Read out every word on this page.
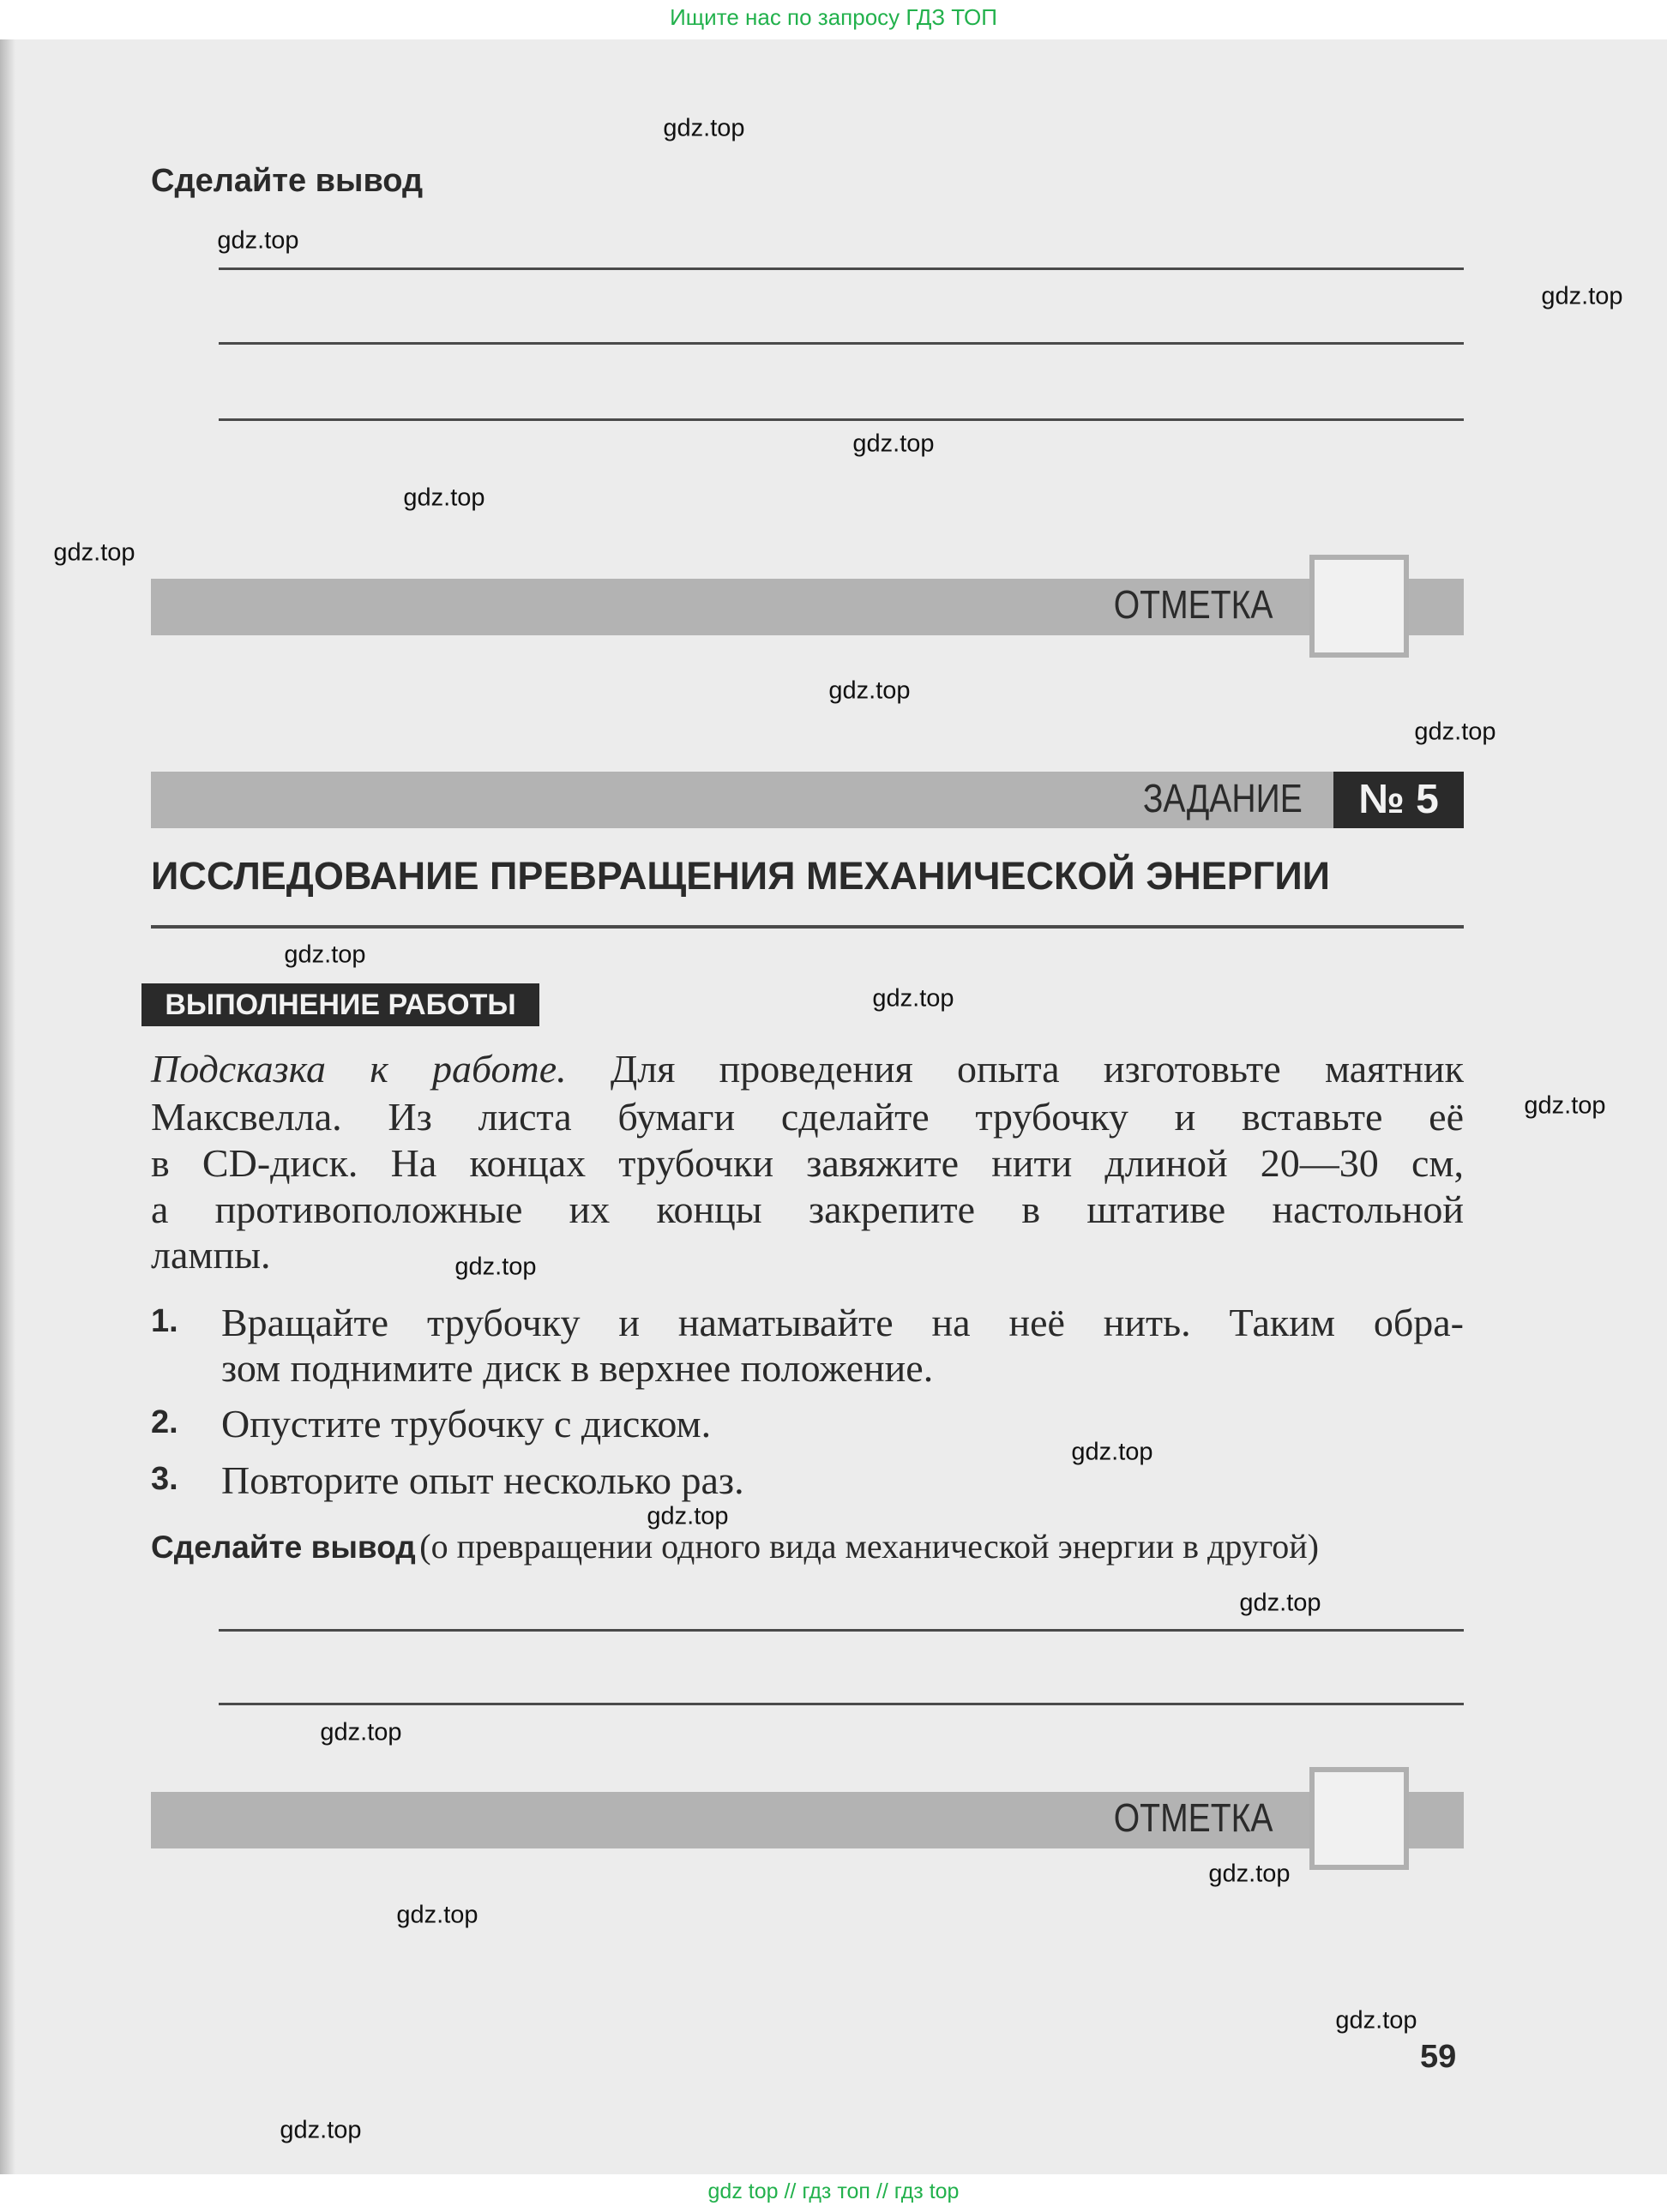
Ищите нас по запросу ГДЗ ТОП
Сделайте вывод
ОТМЕТКА
ЗАДАНИЕ	№ 5
ИССЛЕДОВАНИЕ ПРЕВРАЩЕНИЯ МЕХАНИЧЕСКОЙ ЭНЕРГИИ
ВЫПОЛНЕНИЕ РАБОТЫ
Подсказка к работе. Для проведения опыта изготовьте маятник
Максвелла. Из листа бумаги сделайте трубочку и вставьте её
в CD-диск. На концах трубочки завяжите нити длиной 20—30 см,
а противоположные их концы закрепите в штативе настольной
лампы.
1. Вращайте трубочку и наматывайте на неё нить. Таким обра-
зом поднимите диск в верхнее положение.
2. Опустите трубочку с диском.
3. Повторите опыт несколько раз.
Сделайте вывод (о превращении одного вида механической энергии в другой)
ОТМЕТКА
59
gdz.top
gdz.top
gdz.top
gdz.top
gdz.top
gdz.top
gdz.top
gdz.top
gdz.top
gdz.top
gdz.top
gdz.top
gdz.top
gdz.top
gdz.top
gdz.top
gdz.top
gdz.top
gdz.top
gdz.top
gdz top // гдз топ // гдз top
